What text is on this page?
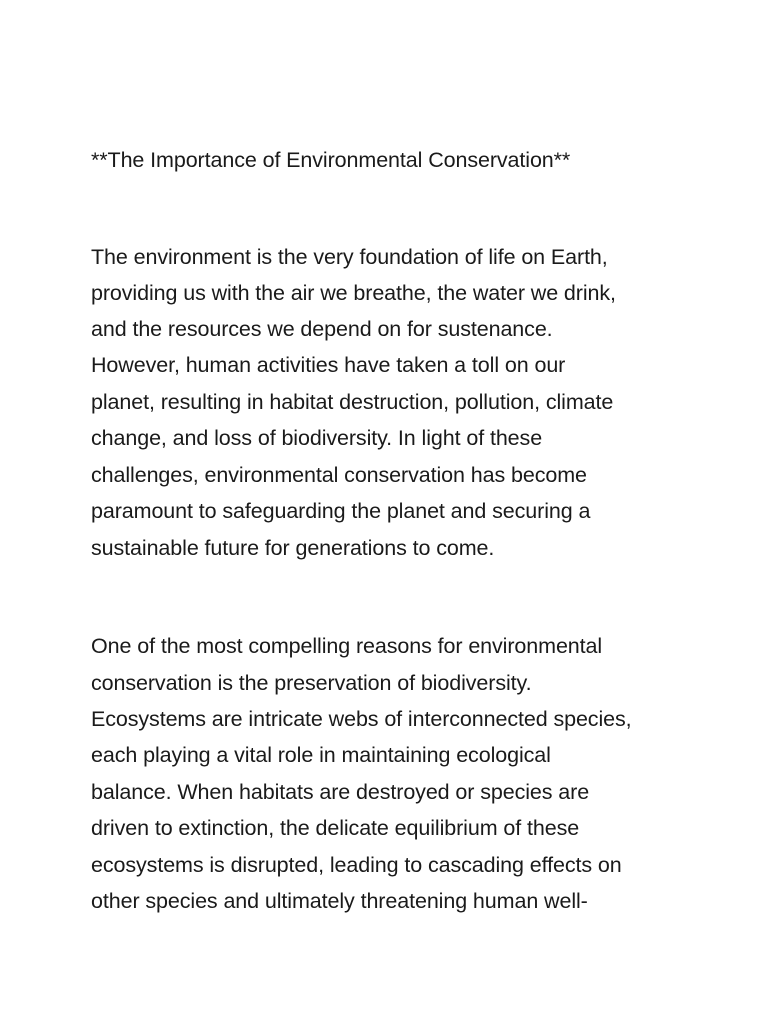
**The Importance of Environmental Conservation**

The environment is the very foundation of life on Earth,

providing us with the air we breathe, the water we drink,

and the resources we depend on for sustenance.

However, human activities have taken a toll on our

planet, resulting in habitat destruction, pollution, climate

change, and loss of biodiversity. In light of these

challenges, environmental conservation has become

paramount to safeguarding the planet and securing a

sustainable future for generations to come.

One of the most compelling reasons for environmental

conservation is the preservation of biodiversity.

Ecosystems are intricate webs of interconnected species,

each playing a vital role in maintaining ecological

balance. When habitats are destroyed or species are

driven to extinction, the delicate equilibrium of these

ecosystems is disrupted, leading to cascading effects on

other species and ultimately threatening human well-
